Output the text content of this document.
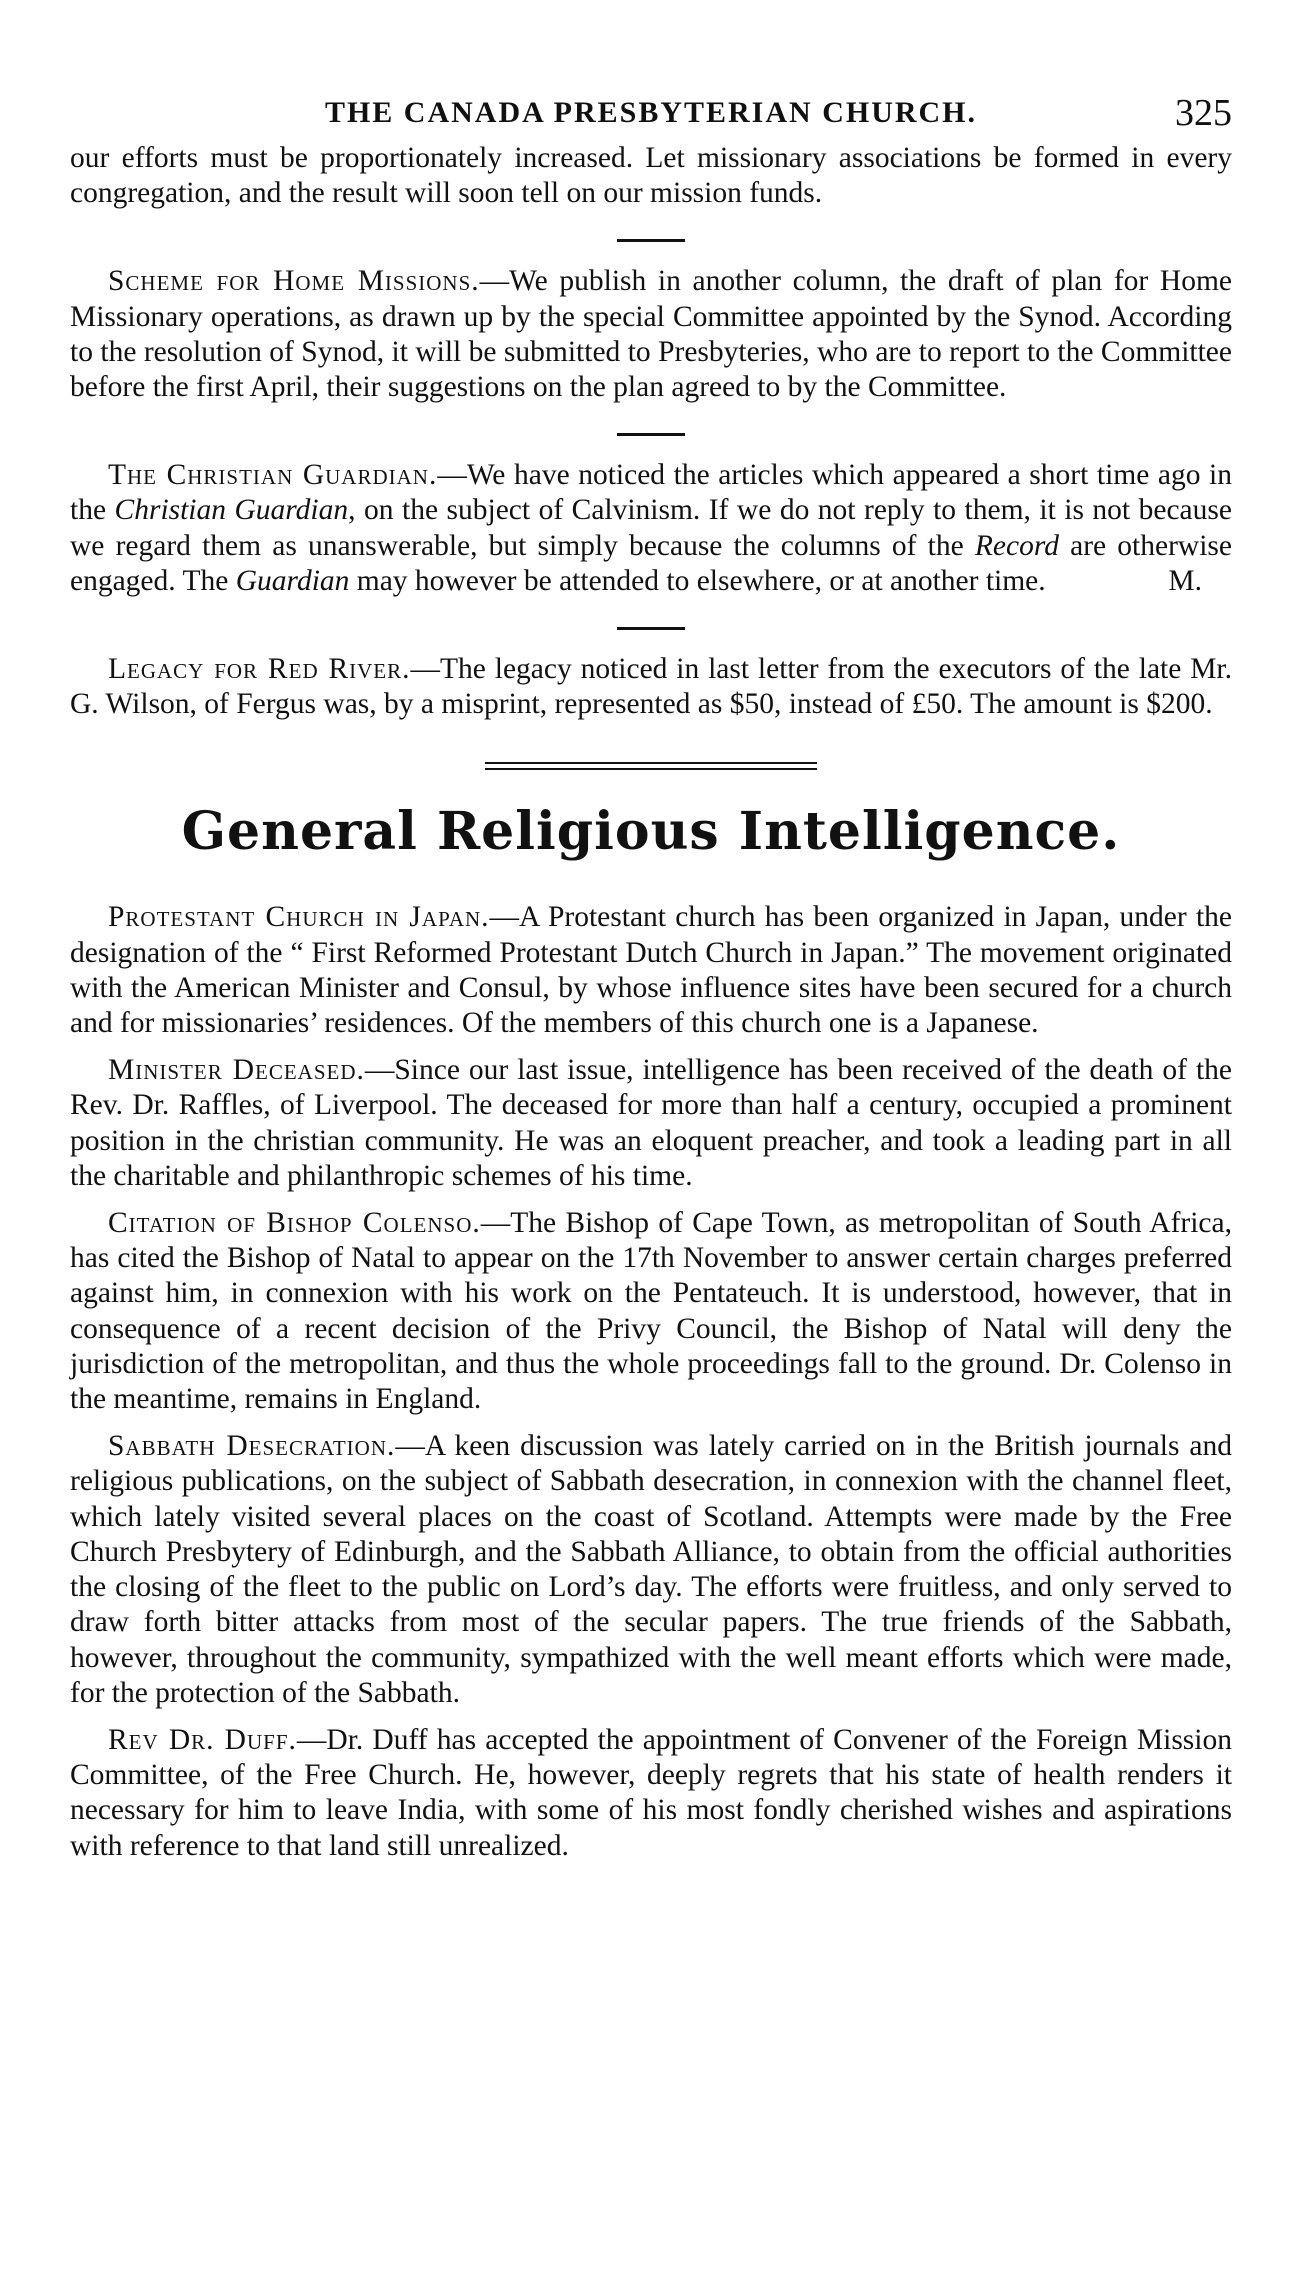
THE CANADA PRESBYTERIAN CHURCH.	325

our efforts must be proportionately increased. Let missionary associations be formed in every congregation, and the result will soon tell on our mission funds.

Scheme for Home Missions.—We publish in another column, the draft of plan for Home Missionary operations, as drawn up by the special Committee appointed by the Synod. According to the resolution of Synod, it will be submitted to Presbyteries, who are to report to the Committee before the first April, their suggestions on the plan agreed to by the Committee.

The Christian Guardian.—We have noticed the articles which appeared a short time ago in the Christian Guardian, on the subject of Calvinism. If we do not reply to them, it is not because we regard them as unanswerable, but simply because the columns of the Record are otherwise engaged. The Guardian may however be attended to elsewhere, or at another time.	M.

Legacy for Red River.—The legacy noticed in last letter from the executors of the late Mr. G. Wilson, of Fergus was, by a misprint, represented as $50, instead of £50. The amount is $200.

General Religious Intelligence.

Protestant Church in Japan.—A Protestant church has been organized in Japan, under the designation of the “ First Reformed Protestant Dutch Church in Japan.” The movement originated with the American Minister and Consul, by whose influence sites have been secured for a church and for missionaries’ residences. Of the members of this church one is a Japanese.

Minister Deceased.—Since our last issue, intelligence has been received of the death of the Rev. Dr. Raffles, of Liverpool. The deceased for more than half a century, occupied a prominent position in the christian community. He was an eloquent preacher, and took a leading part in all the charitable and philanthropic schemes of his time.

Citation of Bishop Colenso.—The Bishop of Cape Town, as metropolitan of South Africa, has cited the Bishop of Natal to appear on the 17th November to answer certain charges preferred against him, in connexion with his work on the Pentateuch. It is understood, however, that in consequence of a recent decision of the Privy Council, the Bishop of Natal will deny the jurisdiction of the metropolitan, and thus the whole proceedings fall to the ground. Dr. Colenso in the meantime, remains in England.

Sabbath Desecration.—A keen discussion was lately carried on in the British journals and religious publications, on the subject of Sabbath desecration, in connexion with the channel fleet, which lately visited several places on the coast of Scotland. Attempts were made by the Free Church Presbytery of Edinburgh, and the Sabbath Alliance, to obtain from the official authorities the closing of the fleet to the public on Lord’s day. The efforts were fruitless, and only served to draw forth bitter attacks from most of the secular papers. The true friends of the Sabbath, however, throughout the community, sympathized with the well meant efforts which were made, for the protection of the Sabbath.

Rev Dr. Duff.—Dr. Duff has accepted the appointment of Convener of the Foreign Mission Committee, of the Free Church. He, however, deeply regrets that his state of health renders it necessary for him to leave India, with some of his most fondly cherished wishes and aspirations with reference to that land still unrealized.
